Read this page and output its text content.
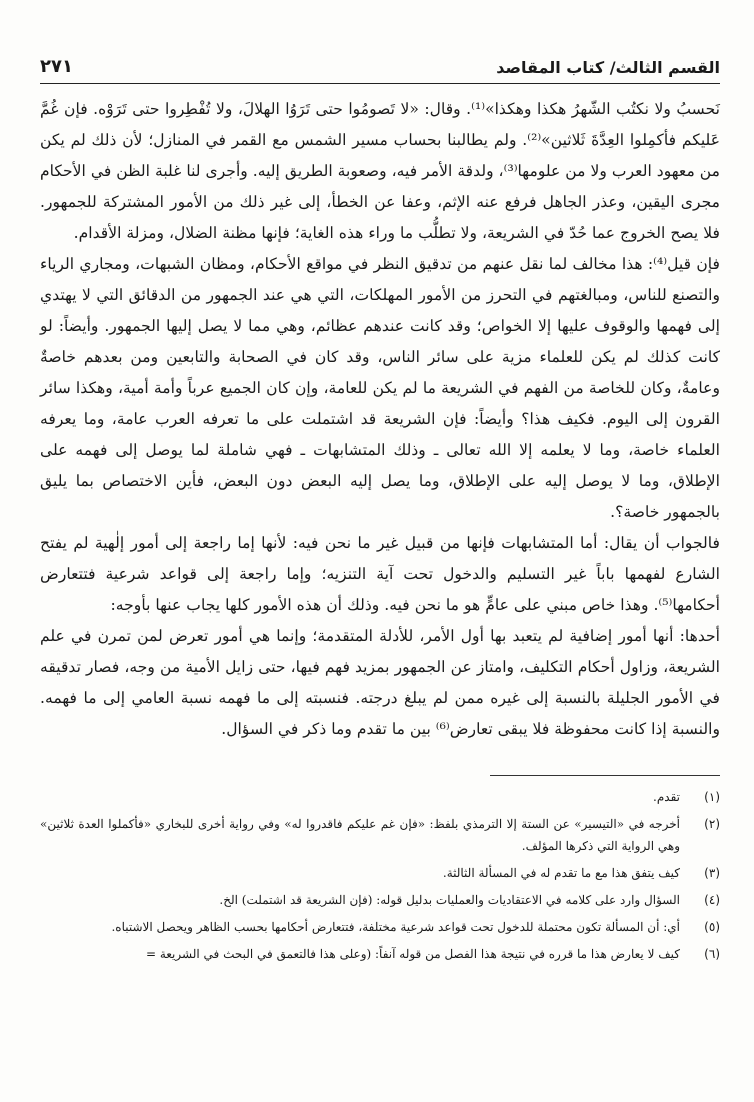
القسم الثالث/ كتاب المقاصد
٢٧١

نَحسبُ ولا نكتُب الشّهرُ هكذا وهكذا»⁽¹⁾. وقال: «لا تَصومُوا حتى تَرَوُا الهلالَ، ولا تُفْطِروا حتى تَرَوْه. فإن غُمَّ عَليكم فأكمِلوا العِدَّةَ ثَلاثين»⁽²⁾. ولم يطالبنا بحساب مسير الشمس مع القمر في المنازل؛ لأن ذلك لم يكن من معهود العرب ولا من علومها⁽³⁾، ولدقة الأمر فيه، وصعوبة الطريق إليه. وأجرى لنا غلبة الظن في الأحكام مجرى اليقين، وعذر الجاهل فرفع عنه الإثم، وعفا عن الخطأ، إلى غير ذلك من الأمور المشتركة للجمهور. فلا يصح الخروج عما حُدّ في الشريعة، ولا تطلُّب ما وراء هذه الغاية؛ فإنها مظنة الضلال، ومزلة الأقدام.

فإن قيل⁽⁴⁾: هذا مخالف لما نقل عنهم من تدقيق النظر في مواقع الأحكام، ومظان الشبهات، ومجاري الرياء والتصنع للناس، ومبالغتهم في التحرز من الأمور المهلكات، التي هي عند الجمهور من الدقائق التي لا يهتدي إلى فهمها والوقوف عليها إلا الخواص؛ وقد كانت عندهم عظائم، وهي مما لا يصل إليها الجمهور. وأيضاً: لو كانت كذلك لم يكن للعلماء مزية على سائر الناس، وقد كان في الصحابة والتابعين ومن بعدهم خاصةٌ وعامةٌ، وكان للخاصة من الفهم في الشريعة ما لم يكن للعامة، وإن كان الجميع عرباً وأمة أمية، وهكذا سائر القرون إلى اليوم. فكيف هذا؟ وأيضاً: فإن الشريعة قد اشتملت على ما تعرفه العرب عامة، وما يعرفه العلماء خاصة، وما لا يعلمه إلا الله تعالى ـ وذلك المتشابهات ـ فهي شاملة لما يوصل إلى فهمه على الإطلاق، وما لا يوصل إليه على الإطلاق، وما يصل إليه البعض دون البعض، فأين الاختصاص بما يليق بالجمهور خاصة؟.

فالجواب أن يقال: أما المتشابهات فإنها من قبيل غير ما نحن فيه: لأنها إما راجعة إلى أمور إلٰهية لم يفتح الشارع لفهمها باباً غير التسليم والدخول تحت آية التنزيه؛ وإما راجعة إلى قواعد شرعية فتتعارض أحكامها⁽⁵⁾. وهذا خاص مبني على عامٍّ هو ما نحن فيه. وذلك أن هذه الأمور كلها يجاب عنها بأوجه:

أحدها: أنها أمور إضافية لم يتعبد بها أول الأمر، للأدلة المتقدمة؛ وإنما هي أمور تعرض لمن تمرن في علم الشريعة، وزاول أحكام التكليف، وامتاز عن الجمهور بمزيد فهم فيها، حتى زايل الأمية من وجه، فصار تدقيقه في الأمور الجليلة بالنسبة إلى غيره ممن لم يبلغ درجته. فنسبته إلى ما فهمه نسبة العامي إلى ما فهمه. والنسبة إذا كانت محفوظة فلا يبقى تعارض⁽⁶⁾ بين ما تقدم وما ذكر في السؤال.

(١)
تقدم.
(٢)
أخرجه في «التيسير» عن الستة إلا الترمذي بلفظ: «فإن غم عليكم فاقدروا له» وفي رواية أخرى للبخاري «فأكملوا العدة ثلاثين» وهي الرواية التي ذكرها المؤلف.
(٣)
كيف يتفق هذا مع ما تقدم له في المسألة الثالثة.
(٤)
السؤال وارد على كلامه في الاعتقاديات والعمليات بدليل قوله: (فإن الشريعة قد اشتملت) الخ.
(٥)
أي: أن المسألة تكون محتملة للدخول تحت قواعد شرعية مختلفة، فتتعارض أحكامها بحسب الظاهر ويحصل الاشتباه.
(٦)
كيف لا يعارض هذا ما قرره في نتيجة هذا الفصل من قوله آنفاً: (وعلى هذا فالتعمق في البحث في الشريعة =
